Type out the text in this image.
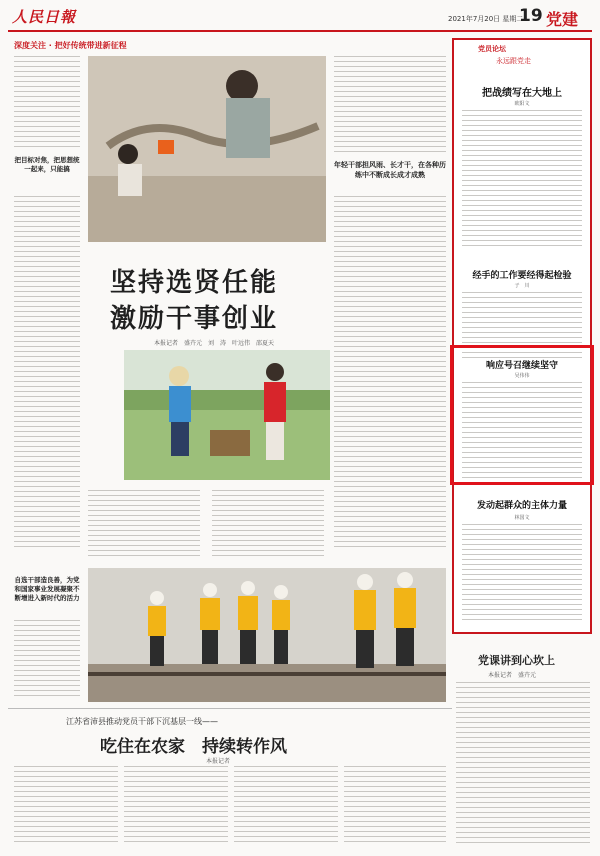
人民日報	2021年7月20日 星期二
19 党建
深度关注 · 把好传统带进新征程
把目标对焦，把思想统一起来，只能搞
坚持选贤任能
激励干事创业
本报记者　盛卉元　刘　涛　叶远伟　邵夏天
年轻干部担风雨、长才干，在各种历练中不断成长成才成熟
自选干部造良善，为党和国家事业发展凝聚不断增进入新时代的活力
江苏省沛县推动党员干部下沉基层一线——
吃住在农家　持续转作风
本报记者
党员论坛
永远跟党走
把战绩写在大地上
欧阳文
经手的工作要经得起检验
子　川
响应号召继续坚守
吴伟伟
发动起群众的主体力量
林国文
党课讲到心坎上
本报记者　盛卉元
